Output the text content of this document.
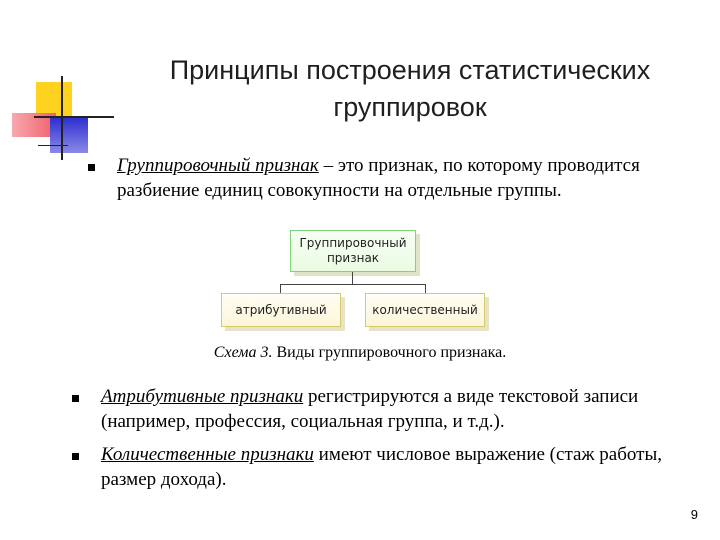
Принципы построения статистических группировок
Группировочный признак – это признак, по которому проводится разбиение единиц совокупности на отдельные группы.
Группировочный признак
атрибутивный	количественный
Схема 3. Виды группировочного признака.
Атрибутивные признаки регистрируются а виде текстовой записи (например, профессия, социальная группа, и т.д.).
Количественные признаки имеют числовое выражение (стаж работы, размер дохода).
9
